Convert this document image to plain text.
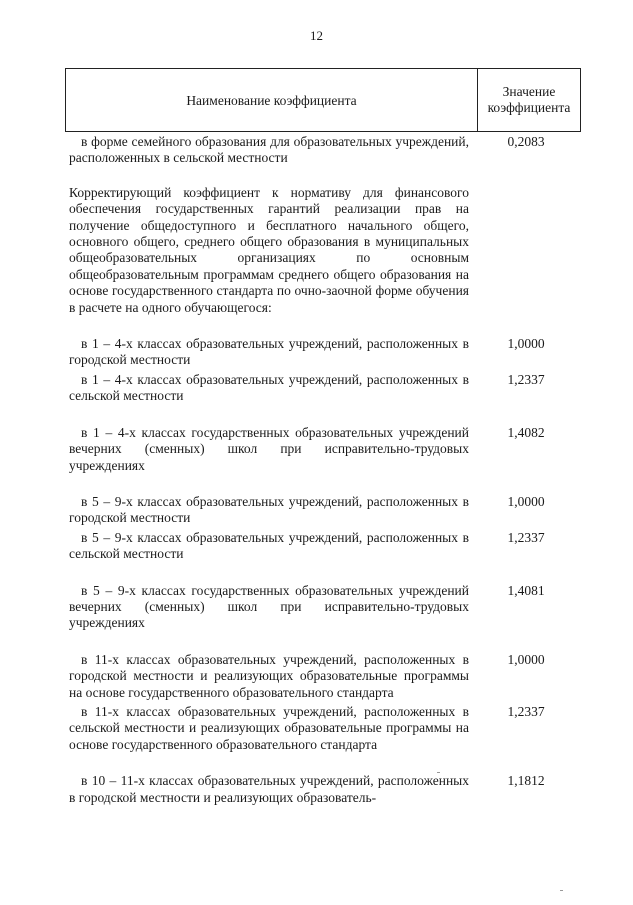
12
Наименование коэффициента
Значение
коэффициента
в форме семейного образования для образовательных учреждений, расположенных в сельской местности
0,2083
Корректирующий коэффициент к нормативу для финансового обеспечения государственных гарантий реализации прав на получение общедоступного и бесплатного начального общего, основного общего, среднего общего образования в муниципальных общеобразовательных организациях по основным общеобразовательным программам среднего общего образования на основе государственного стандарта по очно-заочной форме обучения в расчете на одного обучающегося:
в 1 – 4-х классах образовательных учреждений, расположенных в городской местности
1,0000
в 1 – 4-х классах образовательных учреждений, расположенных в сельской местности
1,2337
в 1 – 4-х классах государственных образовательных учреждений вечерних (сменных) школ при исправительно-трудовых учреждениях
1,4082
в 5 – 9-х классах образовательных учреждений, расположенных в городской местности
1,0000
в 5 – 9-х классах образовательных учреждений, расположенных в сельской местности
1,2337
в 5 – 9-х классах государственных образовательных учреждений вечерних (сменных) школ при исправительно-трудовых учреждениях
1,4081
в 11-х классах образовательных учреждений, расположенных в городской местности и реализующих образовательные программы на основе государственного образовательного стандарта
1,0000
в 11-х классах образовательных учреждений, расположенных в сельской местности и реализующих образовательные программы на основе государственного образовательного стандарта
1,2337
в 10 – 11-х классах образовательных учреждений, расположенных в городской местности и реализующих образователь-
1,1812
